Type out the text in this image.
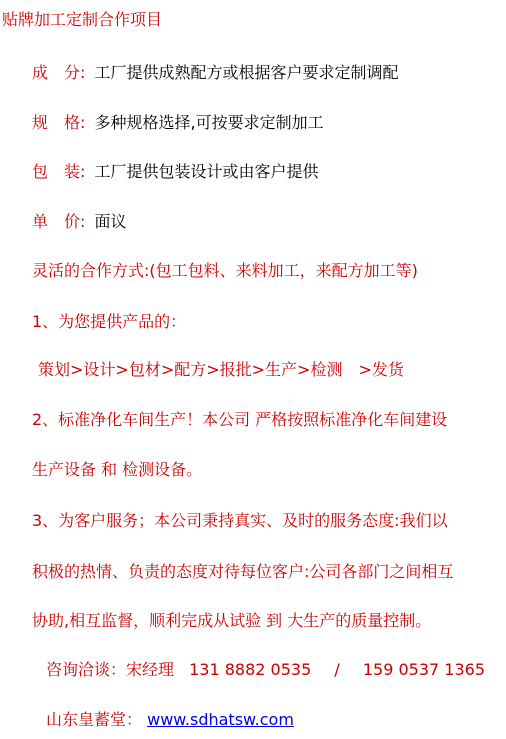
贴牌加工定制合作项目
成　分: 工厂提供成熟配方或根据客户要求定制调配
规　格: 多种规格选择,可按要求定制加工
包　装: 工厂提供包装设计或由客户提供
单　价: 面议
灵活的合作方式:(包工包料、来料加工，来配方加工等)
1、为您提供产品的：
策划>设计>包材>配方>报批>生产>检测　>发货
2、标准净化车间生产！本公司 严格按照标准净化车间建设
生产设备 和 检测设备。
3、为客户服务；本公司秉持真实、及时的服务态度:我们以
积极的热情、负责的态度对待每位客户:公司各部门之间相互
协助,相互监督，顺利完成从试验 到 大生产的质量控制。
咨询洽谈：宋经理 131 8882 0535 / 159 0537 1365
山东皇蓄堂： www.sdhatsw.com
